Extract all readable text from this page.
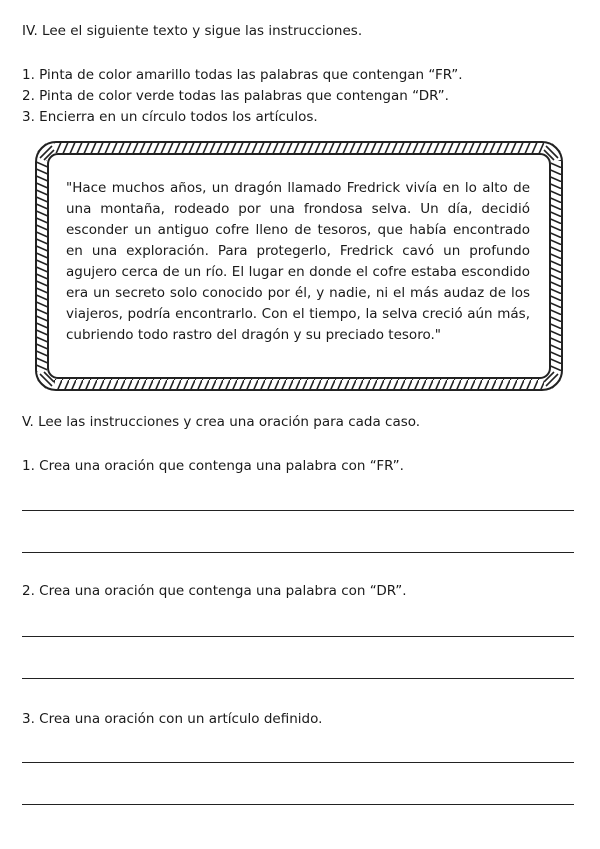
IV. Lee el siguiente texto y sigue las instrucciones.
1. Pinta de color amarillo todas las palabras que contengan “FR”.
2. Pinta de color verde todas las palabras que contengan “DR”.
3. Encierra en un círculo todos los artículos.

"Hace muchos años, un dragón llamado Fredrick vivía en lo alto de una montaña, rodeado por una frondosa selva. Un día, decidió esconder un antiguo cofre lleno de tesoros, que había encontrado en una exploración. Para protegerlo, Fredrick cavó un profundo agujero cerca de un río. El lugar en donde el cofre estaba escondido era un secreto solo conocido por él, y nadie, ni el más audaz de los viajeros, podría encontrarlo. Con el tiempo, la selva creció aún más, cubriendo todo rastro del dragón y su preciado tesoro."

V. Lee las instrucciones y crea una oración para cada caso.
1. Crea una oración que contenga una palabra con “FR”.
2. Crea una oración que contenga una palabra con “DR”.
3. Crea una oración con un artículo definido.
